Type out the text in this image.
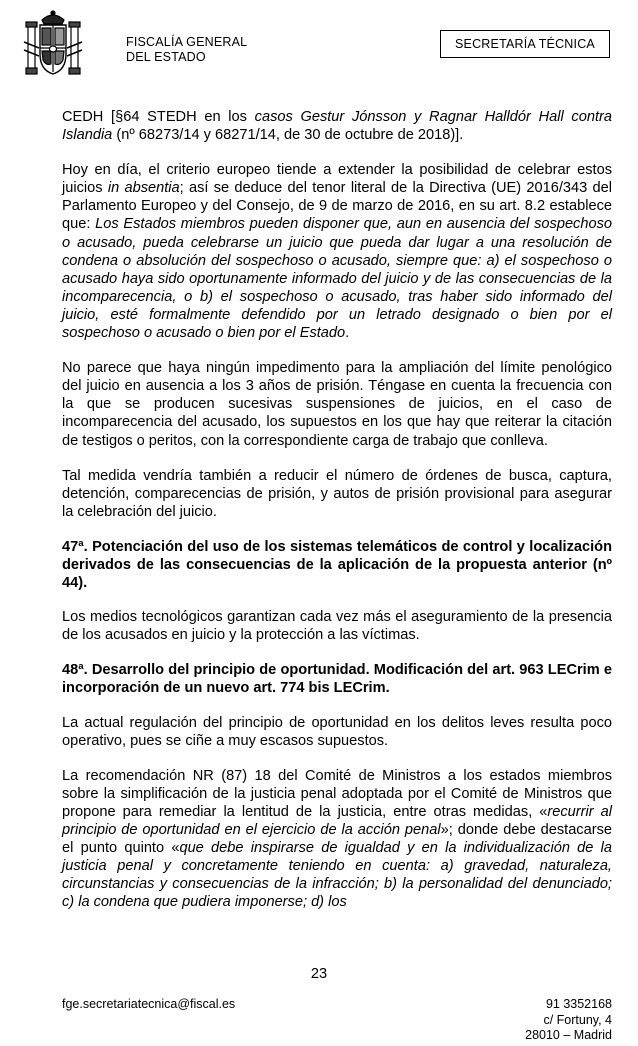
FISCALÍA GENERAL
DEL ESTADO
SECRETARÍA TÉCNICA

CEDH [§64 STEDH en los casos Gestur Jónsson y Ragnar Halldór Hall contra Islandia (nº 68273/14 y 68271/14, de 30 de octubre de 2018)].

Hoy en día, el criterio europeo tiende a extender la posibilidad de celebrar estos juicios in absentia; así se deduce del tenor literal de la Directiva (UE) 2016/343 del Parlamento Europeo y del Consejo, de 9 de marzo de 2016, en su art. 8.2 establece que: Los Estados miembros pueden disponer que, aun en ausencia del sospechoso o acusado, pueda celebrarse un juicio que pueda dar lugar a una resolución de condena o absolución del sospechoso o acusado, siempre que: a) el sospechoso o acusado haya sido oportunamente informado del juicio y de las consecuencias de la incomparecencia, o b) el sospechoso o acusado, tras haber sido informado del juicio, esté formalmente defendido por un letrado designado o bien por el sospechoso o acusado o bien por el Estado.

No parece que haya ningún impedimento para la ampliación del límite penológico del juicio en ausencia a los 3 años de prisión. Téngase en cuenta la frecuencia con la que se producen sucesivas suspensiones de juicios, en el caso de incomparecencia del acusado, los supuestos en los que hay que reiterar la citación de testigos o peritos, con la correspondiente carga de trabajo que conlleva.

Tal medida vendría también a reducir el número de órdenes de busca, captura, detención, comparecencias de prisión, y autos de prisión provisional para asegurar la celebración del juicio.

47ª. Potenciación del uso de los sistemas telemáticos de control y localización derivados de las consecuencias de la aplicación de la propuesta anterior (nº 44).

Los medios tecnológicos garantizan cada vez más el aseguramiento de la presencia de los acusados en juicio y la protección a las víctimas.

48ª. Desarrollo del principio de oportunidad. Modificación del art. 963 LECrim e incorporación de un nuevo art. 774 bis LECrim.

La actual regulación del principio de oportunidad en los delitos leves resulta poco operativo, pues se ciñe a muy escasos supuestos.

La recomendación NR (87) 18 del Comité de Ministros a los estados miembros sobre la simplificación de la justicia penal adoptada por el Comité de Ministros que propone para remediar la lentitud de la justicia, entre otras medidas, «recurrir al principio de oportunidad en el ejercicio de la acción penal»; donde debe destacarse el punto quinto «que debe inspirarse de igualdad y en la individualización de la justicia penal y concretamente teniendo en cuenta: a) gravedad, naturaleza, circunstancias y consecuencias de la infracción; b) la personalidad del denunciado; c) la condena que pudiera imponerse; d) los

23
fge.secretariatecnica@fiscal.es	91 3352168
c/ Fortuny, 4
28010 – Madrid
